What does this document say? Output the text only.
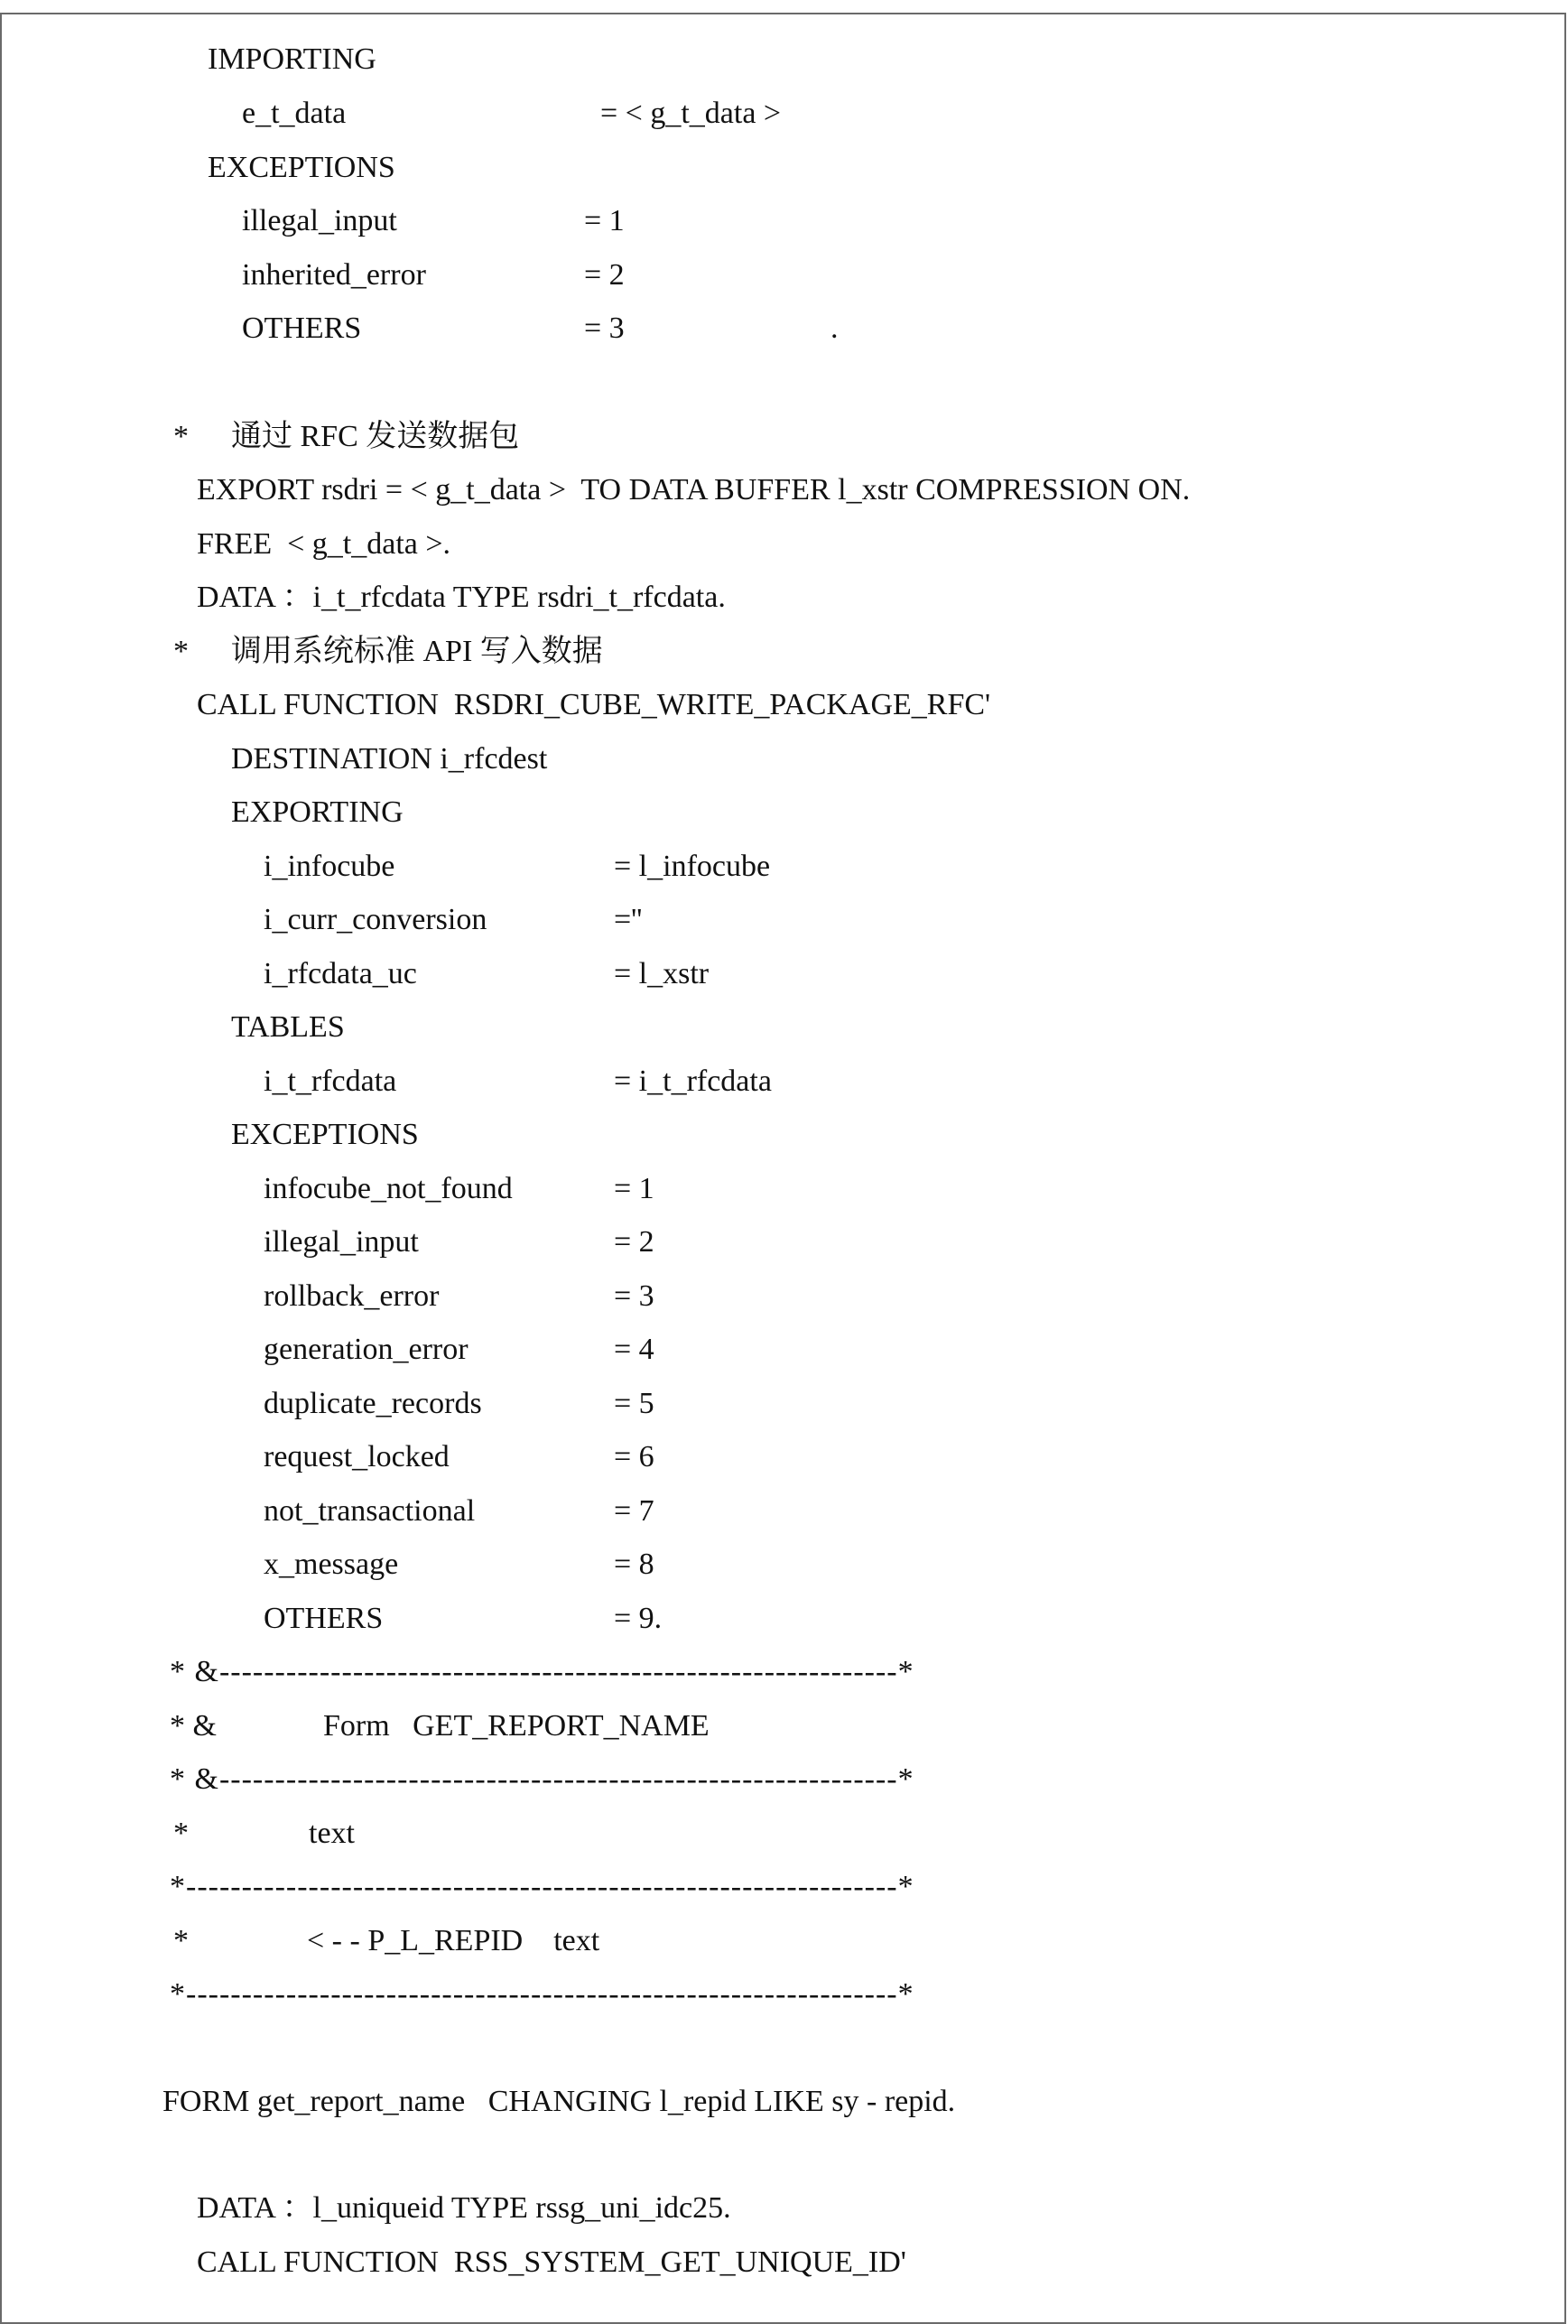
IMPORTING
e_t_data	= < g_t_data >
EXCEPTIONS
illegal_input	= 1
inherited_error	= 2
OTHERS	= 3	.
* 通过 RFC 发送数据包
EXPORT rsdri = < g_t_data >  TO DATA BUFFER l_xstr COMPRESSION ON.
FREE  < g_t_data >.
DATA ：i_t_rfcdata TYPE rsdri_t_rfcdata.
* 调用系统标准 API 写入数据
CALL FUNCTION  RSDRI_CUBE_WRITE_PACKAGE_RFC'
DESTINATION i_rfcdest
EXPORTING
i_infocube	= l_infocube
i_curr_conversion	=''
i_rfcdata_uc	= l_xstr
TABLES
i_t_rfcdata	= i_t_rfcdata
EXCEPTIONS
infocube_not_found	= 1
illegal_input	= 2
rollback_error	= 3
generation_error	= 4
duplicate_records	= 5
request_locked	= 6
not_transactional	= 7
x_message	= 8
OTHERS	= 9.
* &-------------------------------------------------------------*
* &	Form   GET_REPORT_NAME
* &-------------------------------------------------------------*
*	text
*----------------------------------------------------------------*
*	< - - P_L_REPID    text
*----------------------------------------------------------------*
FORM get_report_name   CHANGING l_repid LIKE sy - repid.
DATA ：l_uniqueid TYPE rssg_uni_idc25.
CALL FUNCTION  RSS_SYSTEM_GET_UNIQUE_ID'
